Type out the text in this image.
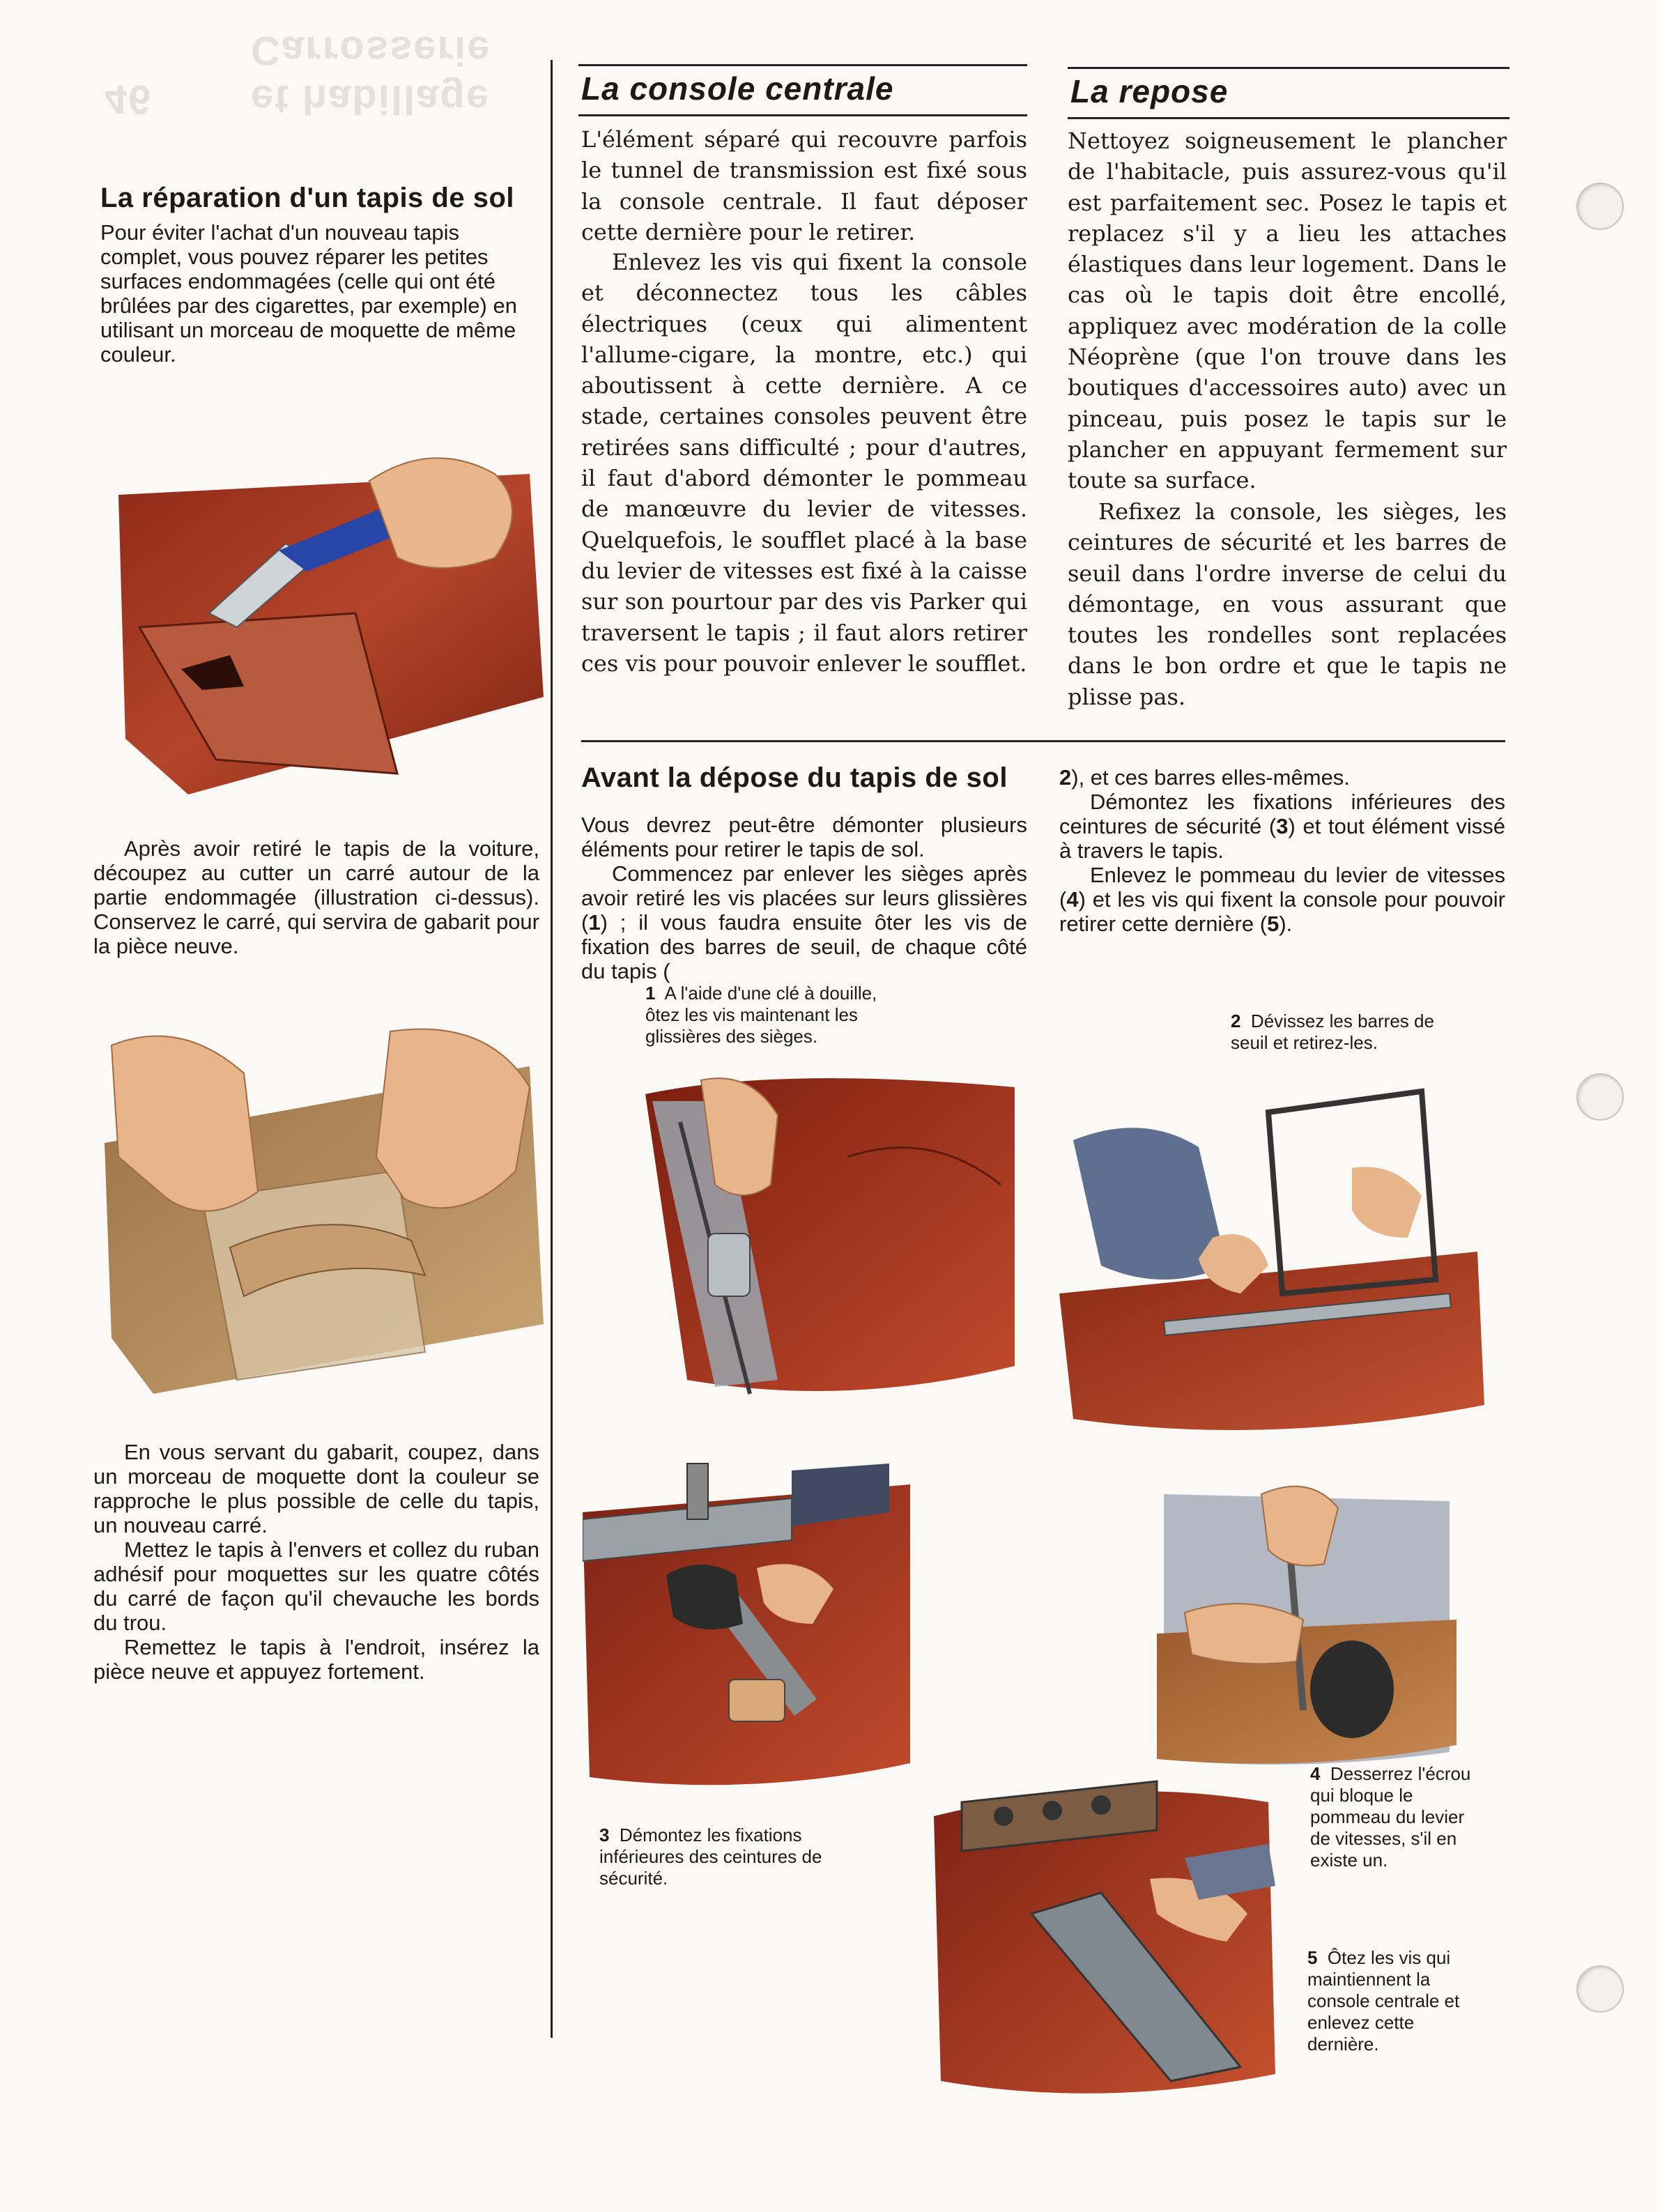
Carrosserie
et habillage
46
La réparation d'un tapis de sol

Pour éviter l'achat d'un nouveau tapis complet, vous pouvez réparer les petites surfaces endommagées (celle qui ont été brûlées par des cigarettes, par exemple) en utilisant un morceau de moquette de même couleur.

Après avoir retiré le tapis de la voiture, découpez au cutter un carré autour de la partie endommagée (illustration ci-dessus). Conservez le carré, qui servira de gabarit pour la pièce neuve.

En vous servant du gabarit, coupez, dans un morceau de moquette dont la couleur se rapproche le plus possible de celle du tapis, un nouveau carré.

Mettez le tapis à l'envers et collez du ruban adhésif pour moquettes sur les quatre côtés du carré de façon qu'il chevauche les bords du trou.

Remettez le tapis à l'endroit, insérez la pièce neuve et appuyez fortement.

La console centrale

L'élément séparé qui recouvre parfois le tunnel de transmission est fixé sous la console centrale. Il faut déposer cette dernière pour le retirer.

Enlevez les vis qui fixent la console et déconnectez tous les câbles électriques (ceux qui alimentent l'allume-cigare, la montre, etc.) qui aboutissent à cette dernière. A ce stade, certaines consoles peuvent être retirées sans difficulté ; pour d'autres, il faut d'abord démonter le pommeau de manœuvre du levier de vitesses. Quelquefois, le soufflet placé à la base du levier de vitesses est fixé à la caisse sur son pourtour par des vis Parker qui traversent le tapis ; il faut alors retirer ces vis pour pouvoir enlever le soufflet.

La repose

Nettoyez soigneusement le plancher de l'habitacle, puis assurez-vous qu'il est parfaitement sec. Posez le tapis et replacez s'il y a lieu les attaches élastiques dans leur logement. Dans le cas où le tapis doit être encollé, appliquez avec modération de la colle Néoprène (que l'on trouve dans les boutiques d'accessoires auto) avec un pinceau, puis posez le tapis sur le plancher en appuyant fermement sur toute sa surface.

Refixez la console, les sièges, les ceintures de sécurité et les barres de seuil dans l'ordre inverse de celui du démontage, en vous assurant que toutes les rondelles sont replacées dans le bon ordre et que le tapis ne plisse pas.

Avant la dépose du tapis de sol

Vous devrez peut-être démonter plusieurs éléments pour retirer le tapis de sol.

Commencez par enlever les sièges après avoir retiré les vis placées sur leurs glissières (1) ; il vous faudra ensuite ôter les vis de fixation des barres de seuil, de chaque côté du tapis (

2), et ces barres elles-mêmes.

Démontez les fixations inférieures des ceintures de sécurité (3) et tout élément vissé à travers le tapis.

Enlevez le pommeau du levier de vitesses (4) et les vis qui fixent la console pour pouvoir retirer cette dernière (5).

1 A l'aide d'une clé à douille, ôtez les vis maintenant les glissières des sièges.
2 Dévissez les barres de seuil et retirez-les.
3 Démontez les fixations inférieures des ceintures de sécurité.
4 Desserrez l'écrou qui bloque le pommeau du levier de vitesses, s'il en existe un.
5 Ôtez les vis qui maintiennent la console centrale et enlevez cette dernière.
